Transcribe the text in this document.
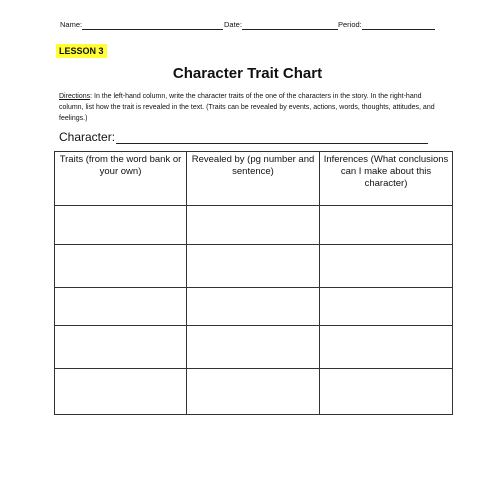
Name:	Date:	Period:
LESSON 3
Character Trait Chart
Directions: In the left-hand column, write the character traits of the one of the characters in the story. In the right-hand column, list how the trait is revealed in the text. (Traits can be revealed by events, actions, words, thoughts, attitudes, and feelings.)
Character:
Traits (from the word bank or your own)	Revealed by (pg number and sentence)	Inferences (What conclusions can I make about this character)
